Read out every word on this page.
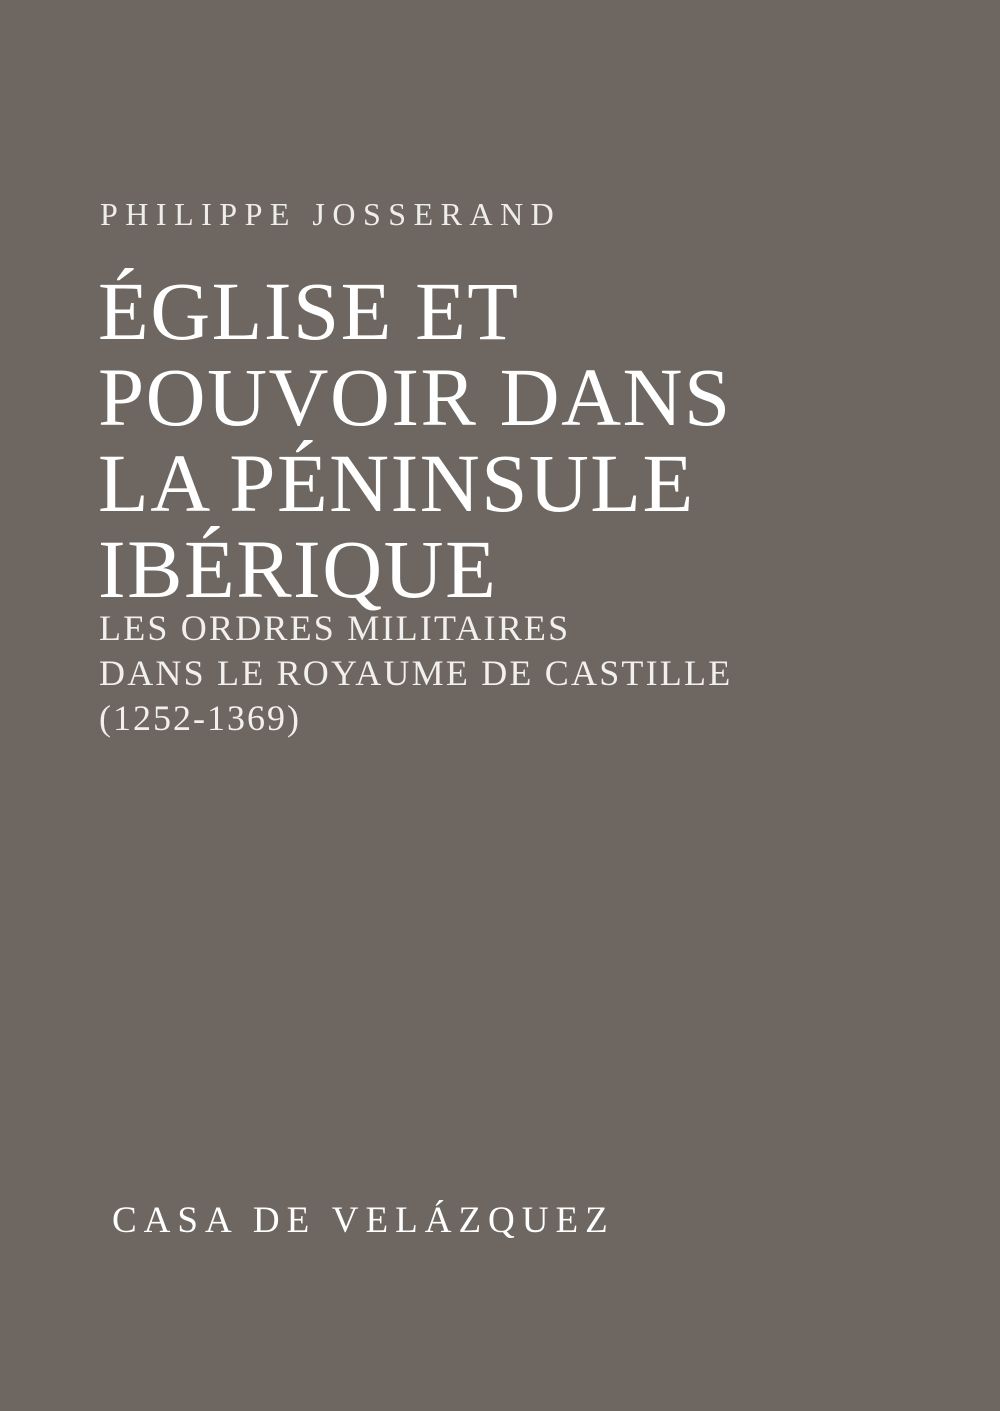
PHILIPPE JOSSERAND
ÉGLISE ET
POUVOIR DANS
LA PÉNINSULE
IBÉRIQUE
LES ORDRES MILITAIRES
DANS LE ROYAUME DE CASTILLE
(1252-1369)
CASA DE VELÁZQUEZ
